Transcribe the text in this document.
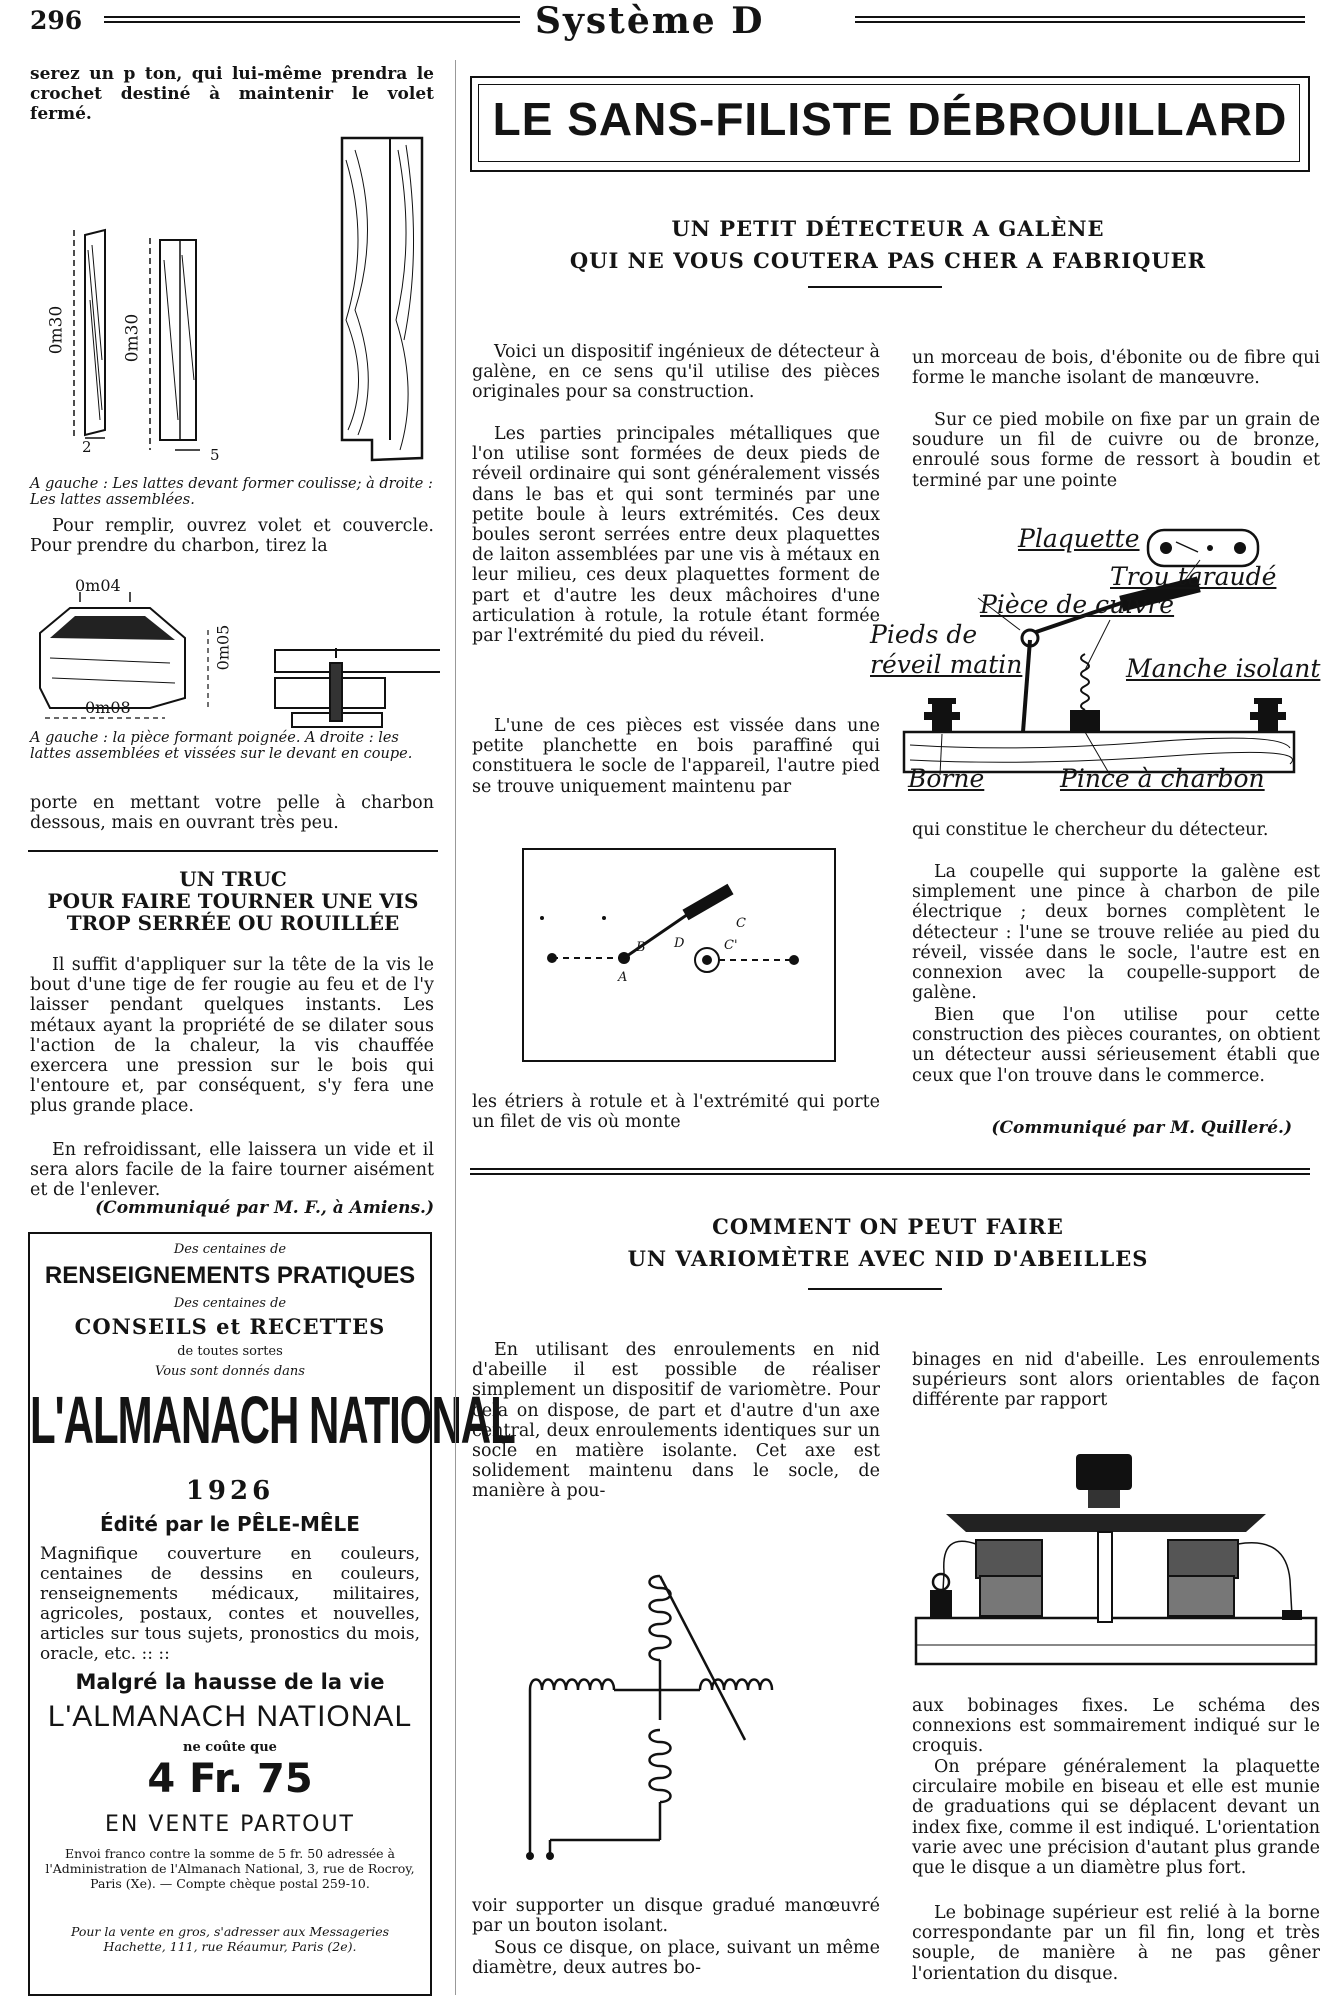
296	Système D

serez un p ton, qui lui-même prendra le crochet destiné à maintenir le volet fermé.

0m30	0m30
2	5

A gauche : Les lattes devant former coulisse; à droite : Les lattes assemblées.

Pour remplir, ouvrez volet et couvercle. Pour prendre du charbon, tirez la

0m04
0m05
0m08

A gauche : la pièce formant poignée. A droite : les lattes assemblées et vissées sur le devant en coupe.

porte en mettant votre pelle à charbon dessous, mais en ouvrant très peu.

UN TRUC

POUR FAIRE TOURNER UNE VIS

TROP SERRÉE OU ROUILLÉE

Il suffit d'appliquer sur la tête de la vis le bout d'une tige de fer rougie au feu et de l'y laisser pendant quelques instants. Les métaux ayant la propriété de se dilater sous l'action de la chaleur, la vis chauffée exercera une pression sur le bois qui l'entoure et, par conséquent, s'y fera une plus grande place.

En refroidissant, elle laissera un vide et il sera alors facile de la faire tourner aisément et de l'enlever.

(Communiqué par M. F., à Amiens.)

Des centaines de

RENSEIGNEMENTS PRATIQUES

Des centaines de

CONSEILS et RECETTES

de toutes sortes

Vous sont donnés dans

L'ALMANACH NATIONAL

1926

Édité par le PÊLE-MÊLE

Magnifique couverture en couleurs, centaines de dessins en couleurs, renseignements médicaux, militaires, agricoles, postaux, contes et nouvelles, articles sur tous sujets, pronostics du mois, oracle, etc. :: ::

Malgré la hausse de la vie

L'ALMANACH NATIONAL

ne coûte que

4 Fr. 75

EN VENTE PARTOUT

Envoi franco contre la somme de 5 fr. 50 adressée à l'Administration de l'Almanach National, 3, rue de Rocroy, Paris (Xe). — Compte chèque postal 259-10.

Pour la vente en gros, s'adresser aux Messageries Hachette, 111, rue Réaumur, Paris (2e).

LE SANS-FILISTE DÉBROUILLARD

UN PETIT DÉTECTEUR A GALÈNE

QUI NE VOUS COUTERA PAS CHER A FABRIQUER

Voici un dispositif ingénieux de détecteur à galène, en ce sens qu'il utilise des pièces originales pour sa construction.

Les parties principales métalliques que l'on utilise sont formées de deux pieds de réveil ordinaire qui sont généralement vissés dans le bas et qui sont terminés par une petite boule à leurs extrémités. Ces deux boules seront serrées entre deux plaquettes de laiton assemblées par une vis à métaux en leur milieu, ces deux plaquettes forment de part et d'autre les deux mâchoires d'une articulation à rotule, la rotule étant formée par l'extrémité du pied du réveil.

L'une de ces pièces est vissée dans une petite planchette en bois paraffiné qui constituera le socle de l'appareil, l'autre pied se trouve uniquement maintenu par

A
B
C
C'
D

les étriers à rotule et à l'extrémité qui porte un filet de vis où monte

un morceau de bois, d'ébonite ou de fibre qui forme le manche isolant de manœuvre.

Sur ce pied mobile on fixe par un grain de soudure un fil de cuivre ou de bronze, enroulé sous forme de ressort à boudin et terminé par une pointe

Plaquette
Trou taraudé
Pièce de cuivre
Pieds de
réveil matin	Manche isolant
Borne	Pince à charbon

qui constitue le chercheur du détecteur.

La coupelle qui supporte la galène est simplement une pince à charbon de pile électrique ; deux bornes complètent le détecteur : l'une se trouve reliée au pied du réveil, vissée dans le socle, l'autre est en connexion avec la coupelle-support de galène.

Bien que l'on utilise pour cette construction des pièces courantes, on obtient un détecteur aussi sérieusement établi que ceux que l'on trouve dans le commerce.

(Communiqué par M. Quilleré.)

COMMENT ON PEUT FAIRE

UN VARIOMÈTRE AVEC NID D'ABEILLES

En utilisant des enroulements en nid d'abeille il est possible de réaliser simplement un dispositif de variomètre. Pour cela on dispose, de part et d'autre d'un axe central, deux enroulements identiques sur un socle en matière isolante. Cet axe est solidement maintenu dans le socle, de manière à pou-

voir supporter un disque gradué manœuvré par un bouton isolant.

Sous ce disque, on place, suivant un même diamètre, deux autres bo-

binages en nid d'abeille. Les enroulements supérieurs sont alors orientables de façon différente par rapport

aux bobinages fixes. Le schéma des connexions est sommairement indiqué sur le croquis.

On prépare généralement la plaquette circulaire mobile en biseau et elle est munie de graduations qui se déplacent devant un index fixe, comme il est indiqué. L'orientation varie avec une précision d'autant plus grande que le disque a un diamètre plus fort.

Le bobinage supérieur est relié à la borne correspondante par un fil fin, long et très souple, de manière à ne pas gêner l'orientation du disque.
